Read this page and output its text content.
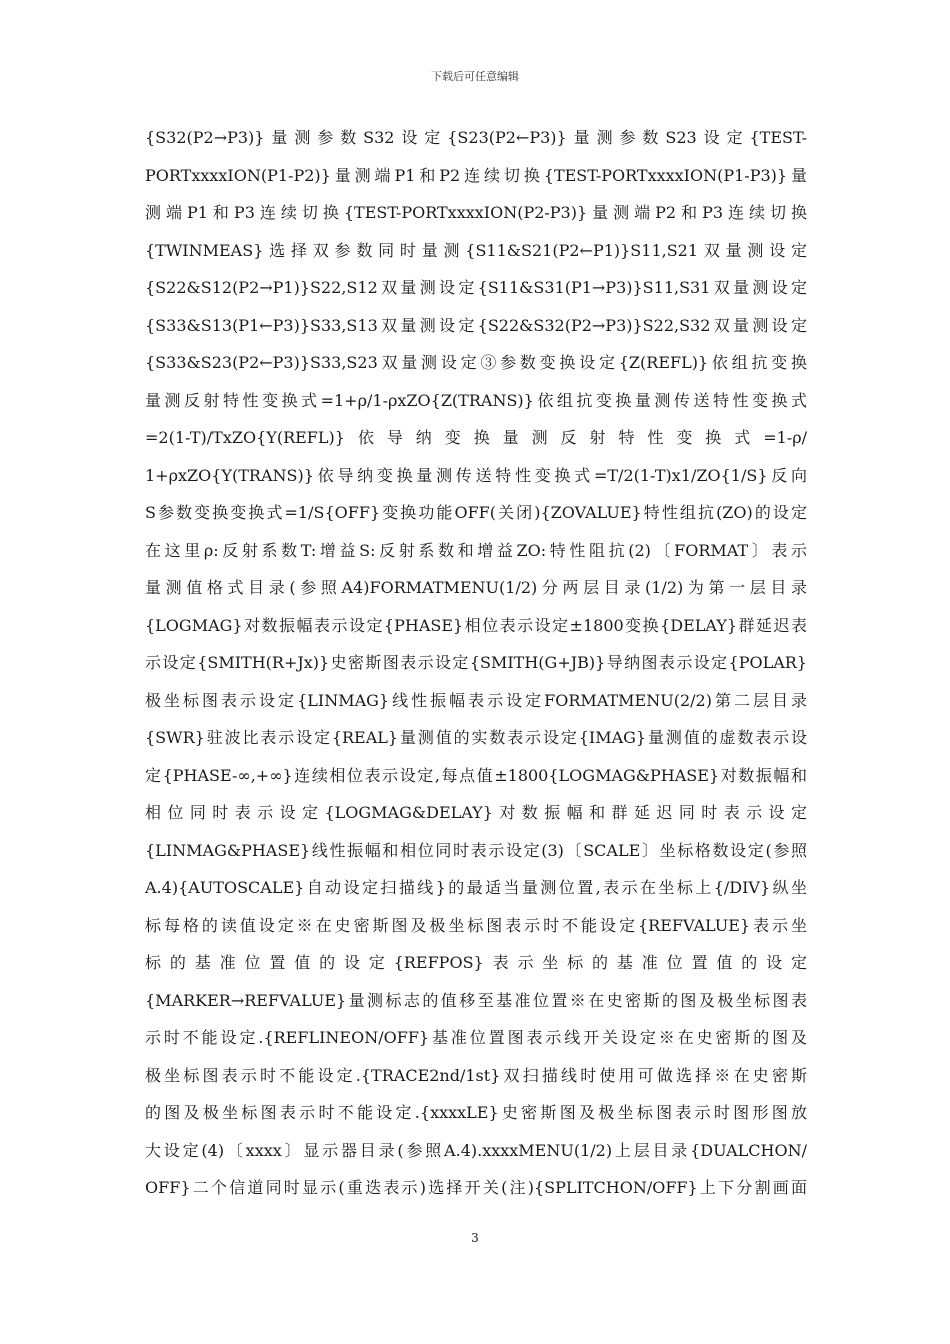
下载后可任意编辑
{S32(P2→P3)}量测参数S32设定{S23(P2←P3)}量测参数S23设定{TEST-
PORTxxxxION(P1-P2)}量测端P1和P2连续切换{TEST-PORTxxxxION(P1-P3)}量
测端P1和P3连续切换{TEST-PORTxxxxION(P2-P3)}量测端P2和P3连续切换
{TWINMEAS}选择双参数同时量测{S11&S21(P2←P1)}S11,S21双量测设定
{S22&S12(P2→P1)}S22,S12双量测设定{S11&S31(P1→P3)}S11,S31双量测设定
{S33&S13(P1←P3)}S33,S13双量测设定{S22&S32(P2→P3)}S22,S32双量测设定
{S33&S23(P2←P3)}S33,S23双量测设定③参数变换设定{Z(REFL)}依组抗变换
量测反射特性变换式=1+ρ/1-ρxZO{Z(TRANS)}依组抗变换量测传送特性变换式
=2(1-T)/TxZO{Y(REFL)}依导纳变换量测反射特性变换式=1-ρ/
1+ρxZO{Y(TRANS)}依导纳变换量测传送特性变换式=T/2(1-T)x1/ZO{1/S}反向
S参数变换变换式=1/S{OFF}变换功能OFF(关闭){ZOVALUE}特性组抗(ZO)的设定
在这里ρ:反射系数T:增益S:反射系数和增益ZO:特性阻抗(2)〔FORMAT〕表示
量测值格式目录(参照A4)FORMATMENU(1/2)分两层目录(1/2)为第一层目录
{LOGMAG}对数振幅表示设定{PHASE}相位表示设定±1800变换{DELAY}群延迟表
示设定{SMITH(R+Jx)}史密斯图表示设定{SMITH(G+JB)}导纳图表示设定{POLAR}
极坐标图表示设定{LINMAG}线性振幅表示设定FORMATMENU(2/2)第二层目录
{SWR}驻波比表示设定{REAL}量测值的实数表示设定{IMAG}量测值的虚数表示设
定{PHASE-∞,+∞}连续相位表示设定,每点值±1800{LOGMAG&PHASE}对数振幅和
相位同时表示设定{LOGMAG&DELAY}对数振幅和群延迟同时表示设定
{LINMAG&PHASE}线性振幅和相位同时表示设定(3)〔SCALE〕坐标格数设定(参照
A.4){AUTOSCALE}自动设定扫描线}的最适当量测位置,表示在坐标上{/DIV}纵坐
标每格的读值设定※在史密斯图及极坐标图表示时不能设定{REFVALUE}表示坐
标的基准位置值的设定{REFPOS}表示坐标的基准位置值的设定
{MARKER→REFVALUE}量测标志的值移至基准位置※在史密斯的图及极坐标图表
示时不能设定.{REFLINEON/OFF}基准位置图表示线开关设定※在史密斯的图及
极坐标图表示时不能设定.{TRACE2nd/1st}双扫描线时使用可做选择※在史密斯
的图及极坐标图表示时不能设定.{xxxxLE}史密斯图及极坐标图表示时图形图放
大设定(4)〔xxxx〕显示器目录(参照A.4).xxxxMENU(1/2)上层目录{DUALCHON/
OFF}二个信道同时显示(重迭表示)选择开关(注){SPLITCHON/OFF}上下分割画面
3
